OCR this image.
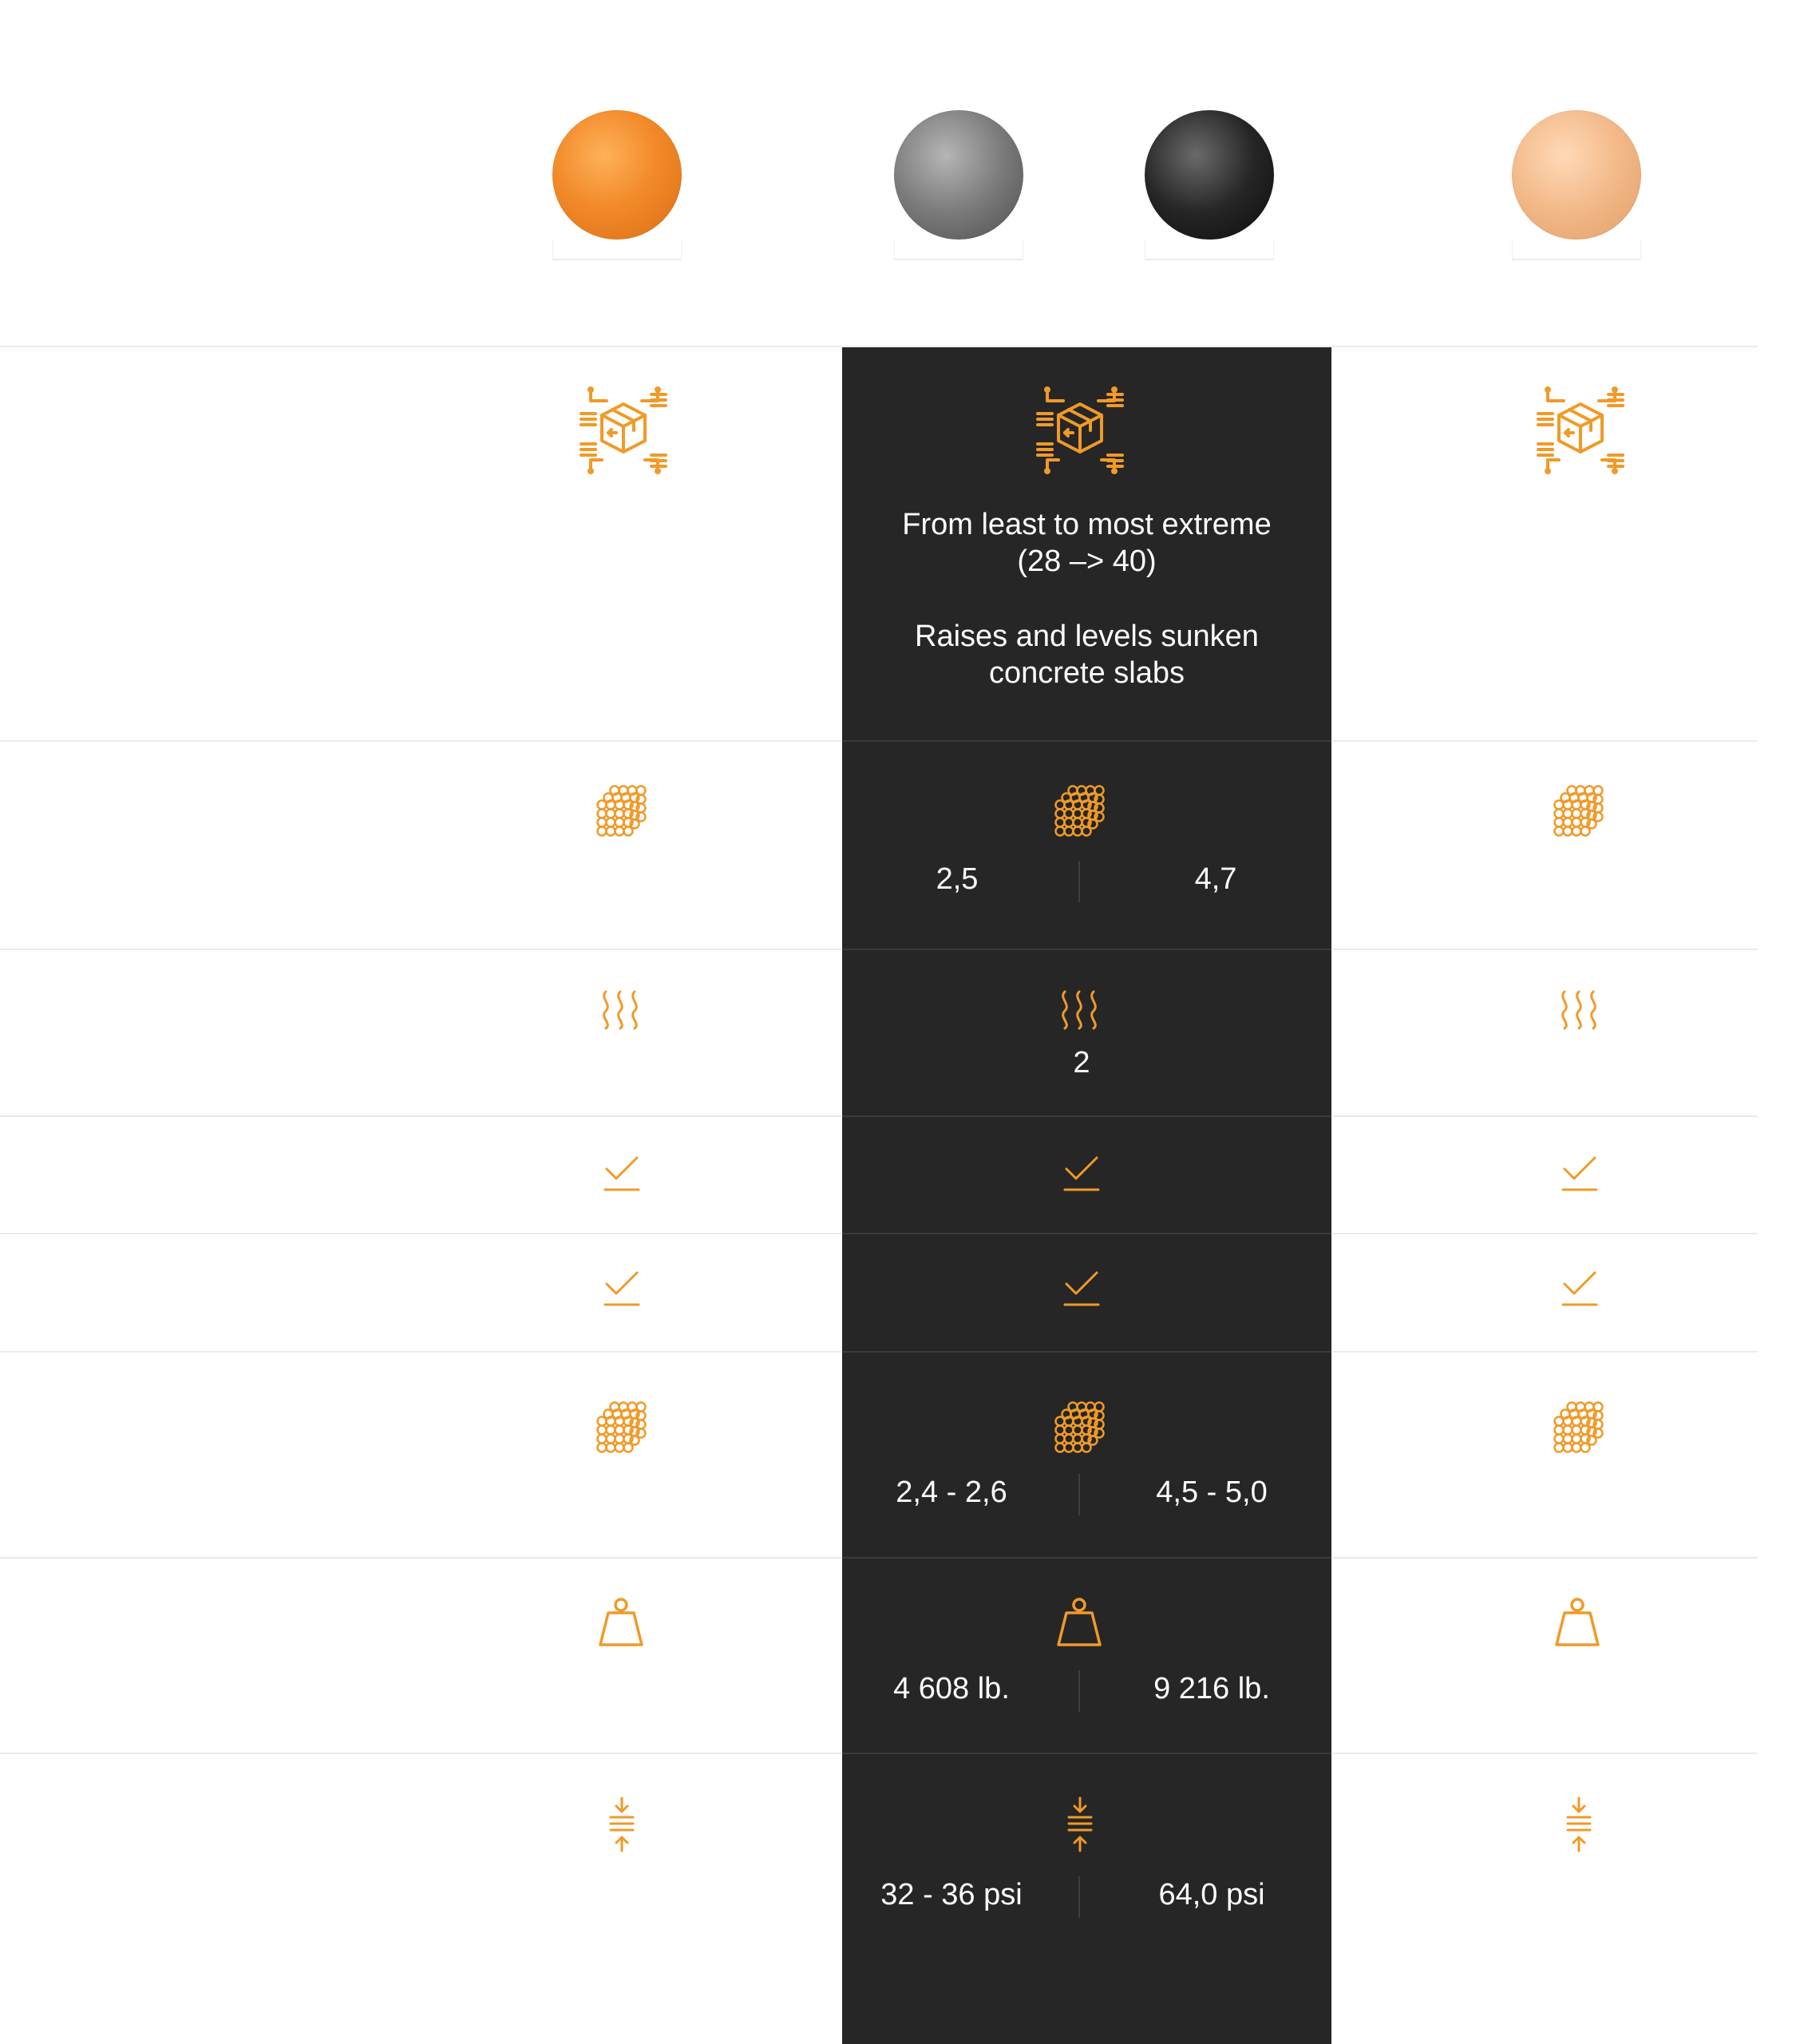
From least to most extreme
(28 –> 40)
Raises and levels sunken
concrete slabs
2,5	4,7
2
2,4 - 2,6	4,5 - 5,0
4 608 lb.	9 216 lb.
32 - 36 psi	64,0 psi
